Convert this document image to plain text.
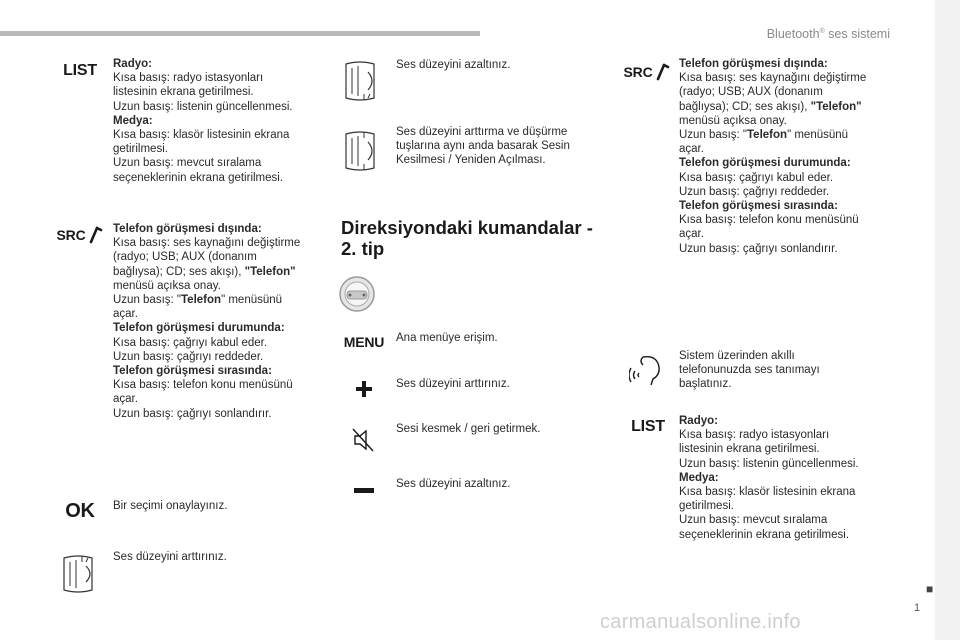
Bluetooth® ses sistemi
■
1
carmanualsonline.info
LIST Radyo:
Kısa basış: radyo istasyonları
listesinin ekrana getirilmesi.
Uzun basış: listenin güncellenmesi.
Medya:
Kısa basış: klasör listesinin ekrana
getirilmesi.
Uzun basış: mevcut sıralama
seçeneklerinin ekrana getirilmesi.
SRC Telefon görüşmesi dışında:
Kısa basış: ses kaynağını değiştirme
(radyo; USB; AUX (donanım
bağlıysa); CD; ses akışı), "Telefon"
menüsü açıksa onay.
Uzun basış: "Telefon" menüsünü
açar.
Telefon görüşmesi durumunda:
Kısa basış: çağrıyı kabul eder.
Uzun basış: çağrıyı reddeder.
Telefon görüşmesi sırasında:
Kısa basış: telefon konu menüsünü
açar.
Uzun basış: çağrıyı sonlandırır.
OK Bir seçimi onaylayınız.
Ses düzeyini arttırınız.
Ses düzeyini azaltınız.
Ses düzeyini arttırma ve düşürme
tuşlarına aynı anda basarak Sesin
Kesilmesi / Yeniden Açılması.
Direksiyondaki kumandalar -
2. tip
MENU Ana menüye erişim.
Ses düzeyini arttırınız.
Sesi kesmek / geri getirmek.
Ses düzeyini azaltınız.
SRC Telefon görüşmesi dışında:
Kısa basış: ses kaynağını değiştirme
(radyo; USB; AUX (donanım
bağlıysa); CD; ses akışı), "Telefon"
menüsü açıksa onay.
Uzun basış: "Telefon" menüsünü
açar.
Telefon görüşmesi durumunda:
Kısa basış: çağrıyı kabul eder.
Uzun basış: çağrıyı reddeder.
Telefon görüşmesi sırasında:
Kısa basış: telefon konu menüsünü
açar.
Uzun basış: çağrıyı sonlandırır.
Sistem üzerinden akıllı
telefonunuzda ses tanımayı
başlatınız.
LIST Radyo:
Kısa basış: radyo istasyonları
listesinin ekrana getirilmesi.
Uzun basış: listenin güncellenmesi.
Medya:
Kısa basış: klasör listesinin ekrana
getirilmesi.
Uzun basış: mevcut sıralama
seçeneklerinin ekrana getirilmesi.
